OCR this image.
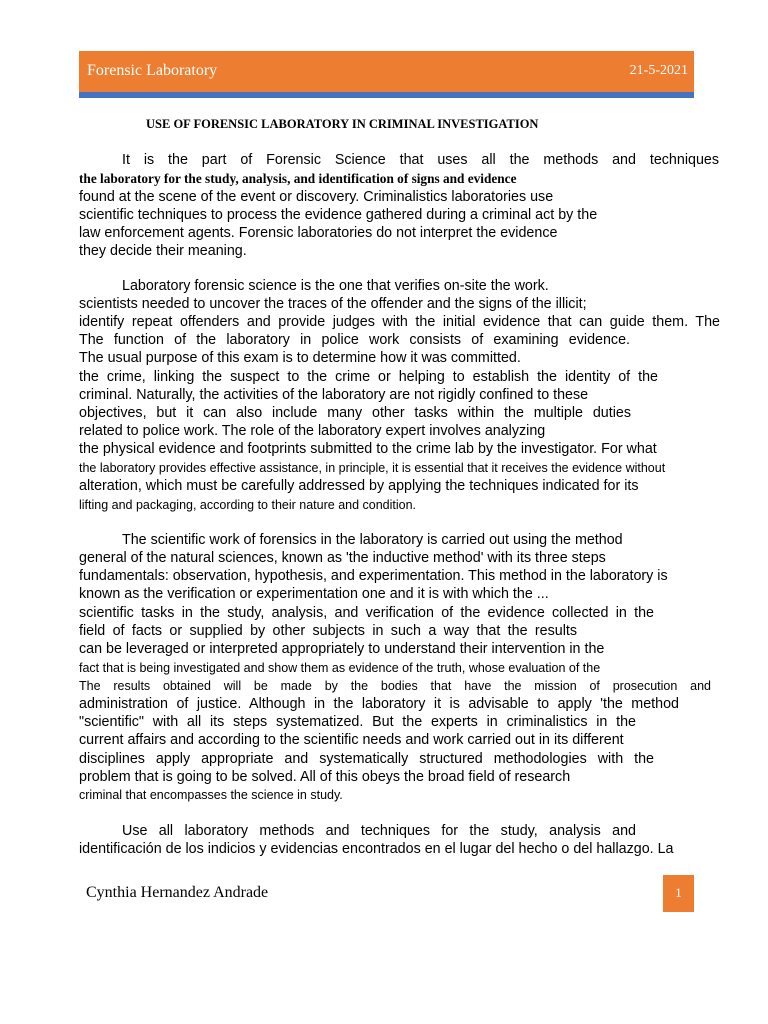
Forensic Laboratory	21-5-2021
USE OF FORENSIC LABORATORY IN CRIMINAL INVESTIGATION
It is the part of Forensic Science that uses all the methods and techniques
the laboratory for the study, analysis, and identification of signs and evidence
found at the scene of the event or discovery. Criminalistics laboratories use
scientific techniques to process the evidence gathered during a criminal act by the
law enforcement agents. Forensic laboratories do not interpret the evidence
they decide their meaning.
Laboratory forensic science is the one that verifies on-site the work.
scientists needed to uncover the traces of the offender and the signs of the illicit;
identify repeat offenders and provide judges with the initial evidence that can guide them. The
The function of the laboratory in police work consists of examining evidence.
The usual purpose of this exam is to determine how it was committed.
the crime, linking the suspect to the crime or helping to establish the identity of the
criminal. Naturally, the activities of the laboratory are not rigidly confined to these
objectives, but it can also include many other tasks within the multiple duties
related to police work. The role of the laboratory expert involves analyzing
the physical evidence and footprints submitted to the crime lab by the investigator. For what
the laboratory provides effective assistance, in principle, it is essential that it receives the evidence without
alteration, which must be carefully addressed by applying the techniques indicated for its
lifting and packaging, according to their nature and condition.
The scientific work of forensics in the laboratory is carried out using the method
general of the natural sciences, known as 'the inductive method' with its three steps
fundamentals: observation, hypothesis, and experimentation. This method in the laboratory is
known as the verification or experimentation one and it is with which the ...
scientific tasks in the study, analysis, and verification of the evidence collected in the
field of facts or supplied by other subjects in such a way that the results
can be leveraged or interpreted appropriately to understand their intervention in the
fact that is being investigated and show them as evidence of the truth, whose evaluation of the
The results obtained will be made by the bodies that have the mission of prosecution and
administration of justice. Although in the laboratory it is advisable to apply 'the method
"scientific" with all its steps systematized. But the experts in criminalistics in the
current affairs and according to the scientific needs and work carried out in its different
disciplines apply appropriate and systematically structured methodologies with the
problem that is going to be solved. All of this obeys the broad field of research
criminal that encompasses the science in study.
Use all laboratory methods and techniques for the study, analysis and
identificación de los indicios y evidencias encontrados en el lugar del hecho o del hallazgo. La
Cynthia Hernandez Andrade	1
